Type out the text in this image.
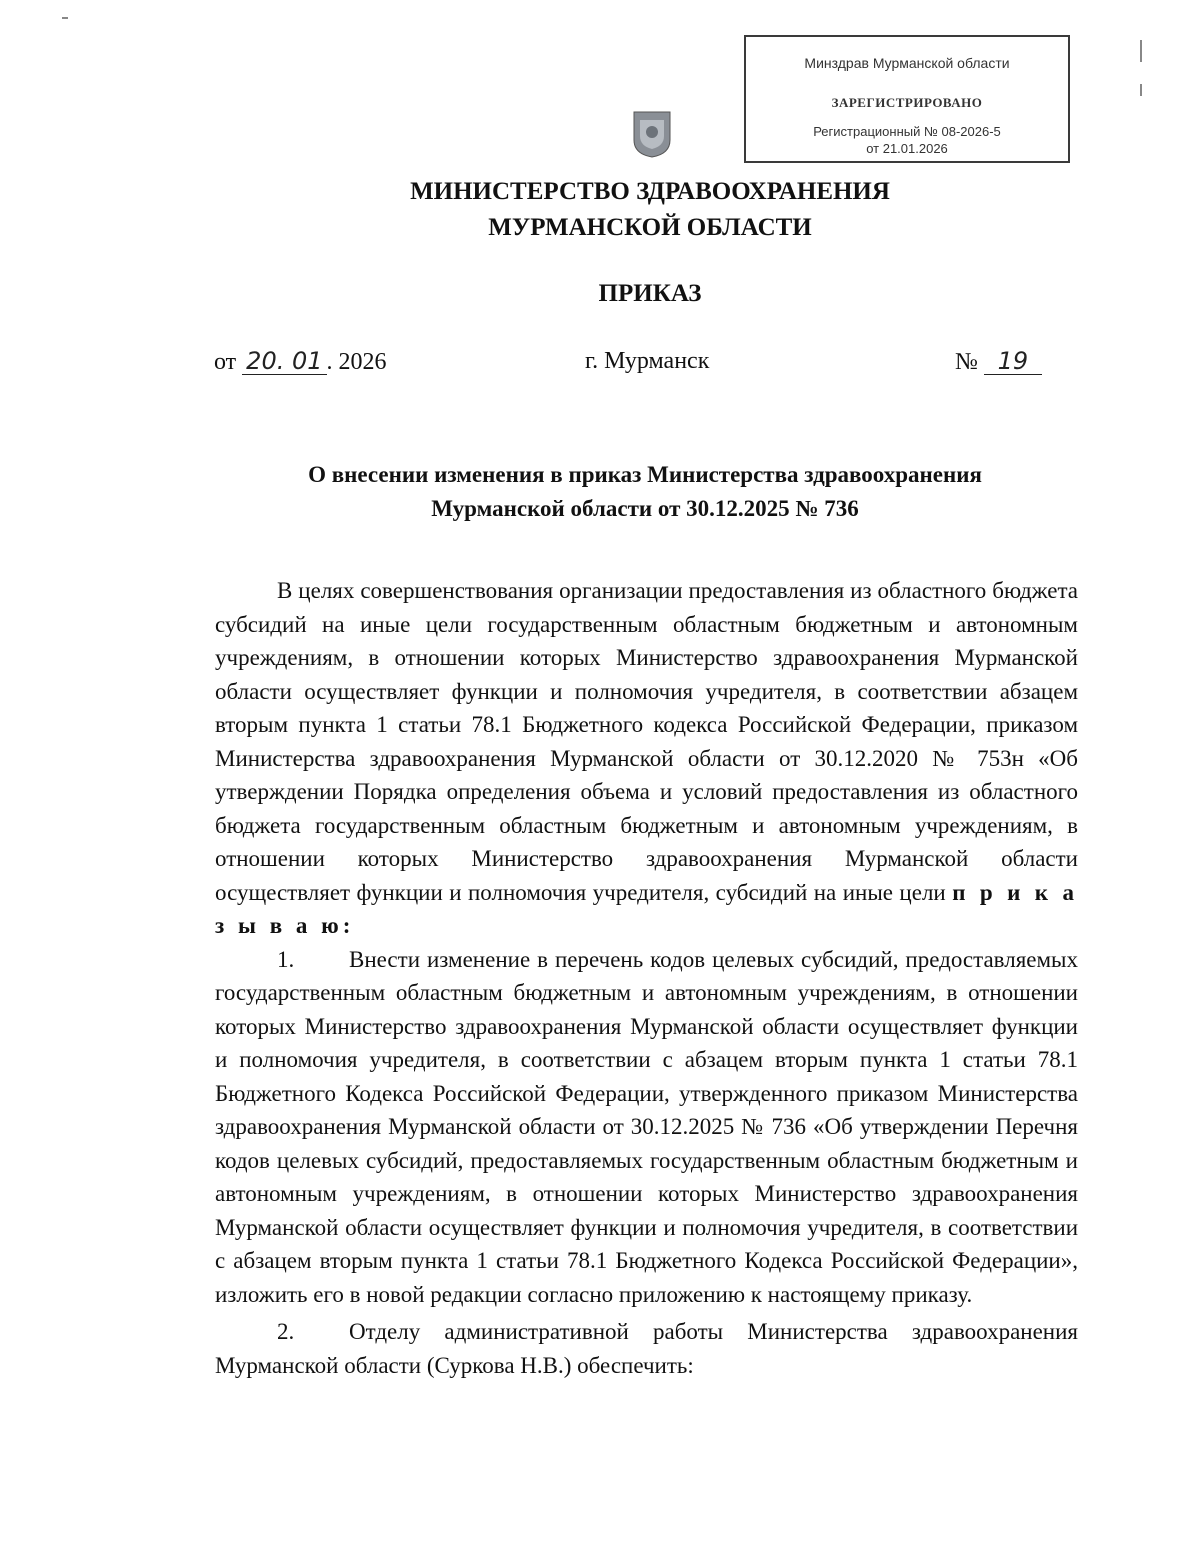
Минздрав Мурманской области
ЗАРЕГИСТРИРОВАНО
Регистрационный № 08-2026-5
от 21.01.2026
МИНИСТЕРСТВО ЗДРАВООХРАНЕНИЯ
МУРМАНСКОЙ ОБЛАСТИ
ПРИКАЗ
от 20. 01 . 2026	г. Мурманск	№ 19
О внесении изменения в приказ Министерства здравоохранения
Мурманской области от 30.12.2025 № 736

В целях совершенствования организации предоставления из областного бюджета субсидий на иные цели государственным областным бюджетным и автономным учреждениям, в отношении которых Министерство здравоохранения Мурманской области осуществляет функции и полномочия учредителя, в соответствии абзацем вторым пункта 1 статьи 78.1 Бюджетного кодекса Российской Федерации, приказом Министерства здравоохранения Мурманской области от 30.12.2020 № 753н «Об утверждении Порядка определения объема и условий предоставления из областного бюджета государственным областным бюджетным и автономным учреждениям, в отношении которых Министерство здравоохранения Мурманской области осуществляет функции и полномочия учредителя, субсидий на иные цели п р и к а з ы в а ю:

1. Внести изменение в перечень кодов целевых субсидий, предоставляемых государственным областным бюджетным и автономным учреждениям, в отношении которых Министерство здравоохранения Мурманской области осуществляет функции и полномочия учредителя, в соответствии с абзацем вторым пункта 1 статьи 78.1 Бюджетного Кодекса Российской Федерации, утвержденного приказом Министерства здравоохранения Мурманской области от 30.12.2025 № 736 «Об утверждении Перечня кодов целевых субсидий, предоставляемых государственным областным бюджетным и автономным учреждениям, в отношении которых Министерство здравоохранения Мурманской области осуществляет функции и полномочия учредителя, в соответствии с абзацем вторым пункта 1 статьи 78.1 Бюджетного Кодекса Российской Федерации», изложить его в новой редакции согласно приложению к настоящему приказу.

2. Отделу административной работы Министерства здравоохранения Мурманской области (Суркова Н.В.) обеспечить:
